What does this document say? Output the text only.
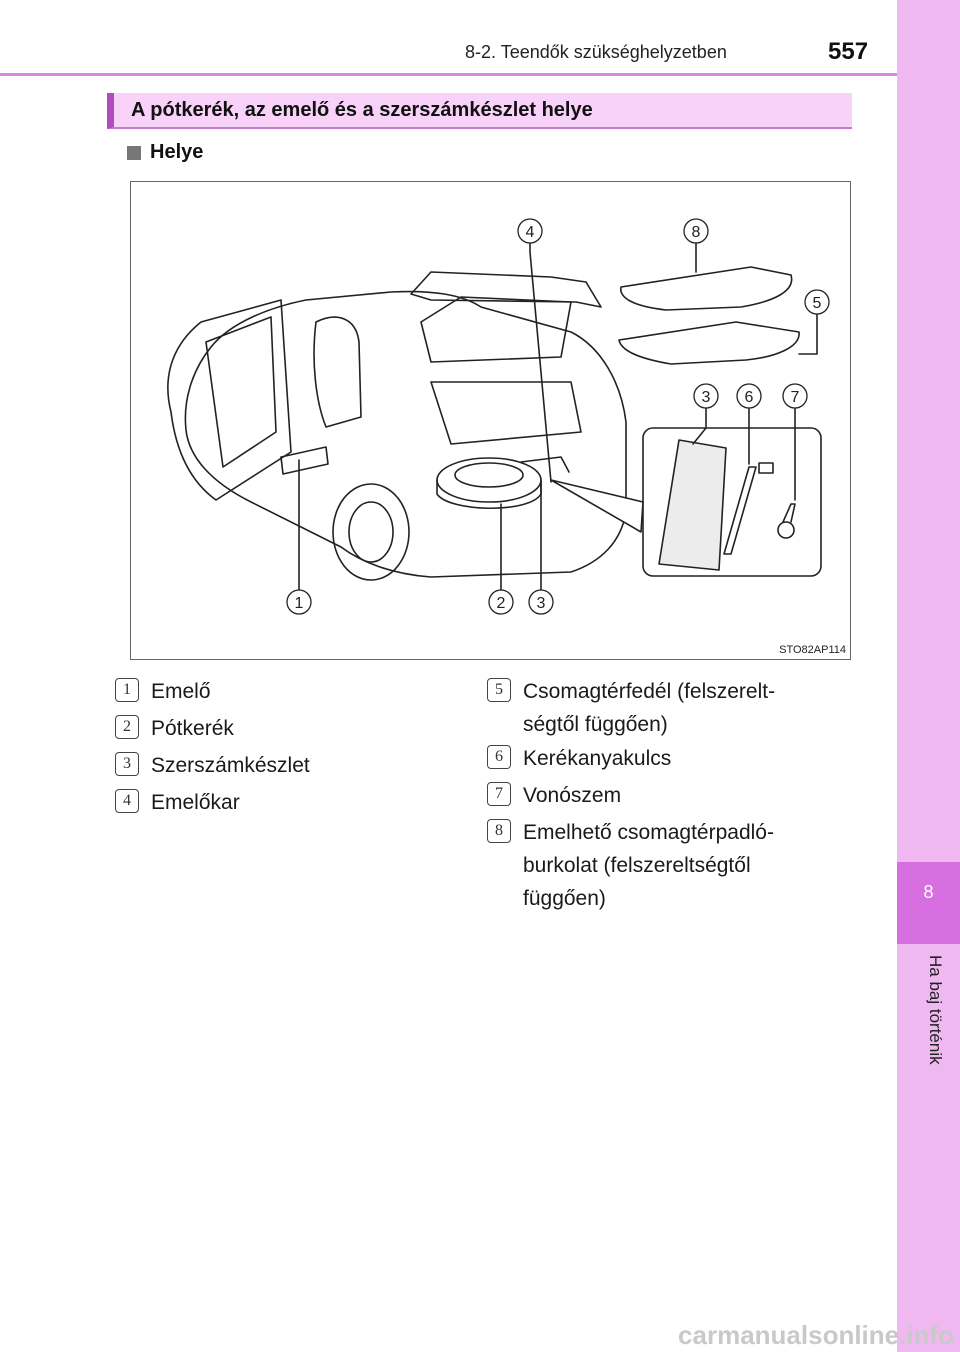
8-2. Teendők szükséghelyzetben	557
8
Ha baj történik
A pótkerék, az emelő és a szerszámkészlet helye
Helye
1	2 3
4	8
5
3 6 7
STO82AP114
1 Emelő
2 Pótkerék
3 Szerszámkészlet
4 Emelőkar
5 Csomagtérfedél (felszerelt-
ségtől függően)
6 Kerékanyakulcs
7 Vonószem
8 Emelhető csomagtérpadló-
burkolat (felszereltségtől
függően)
carmanualsonline.info
